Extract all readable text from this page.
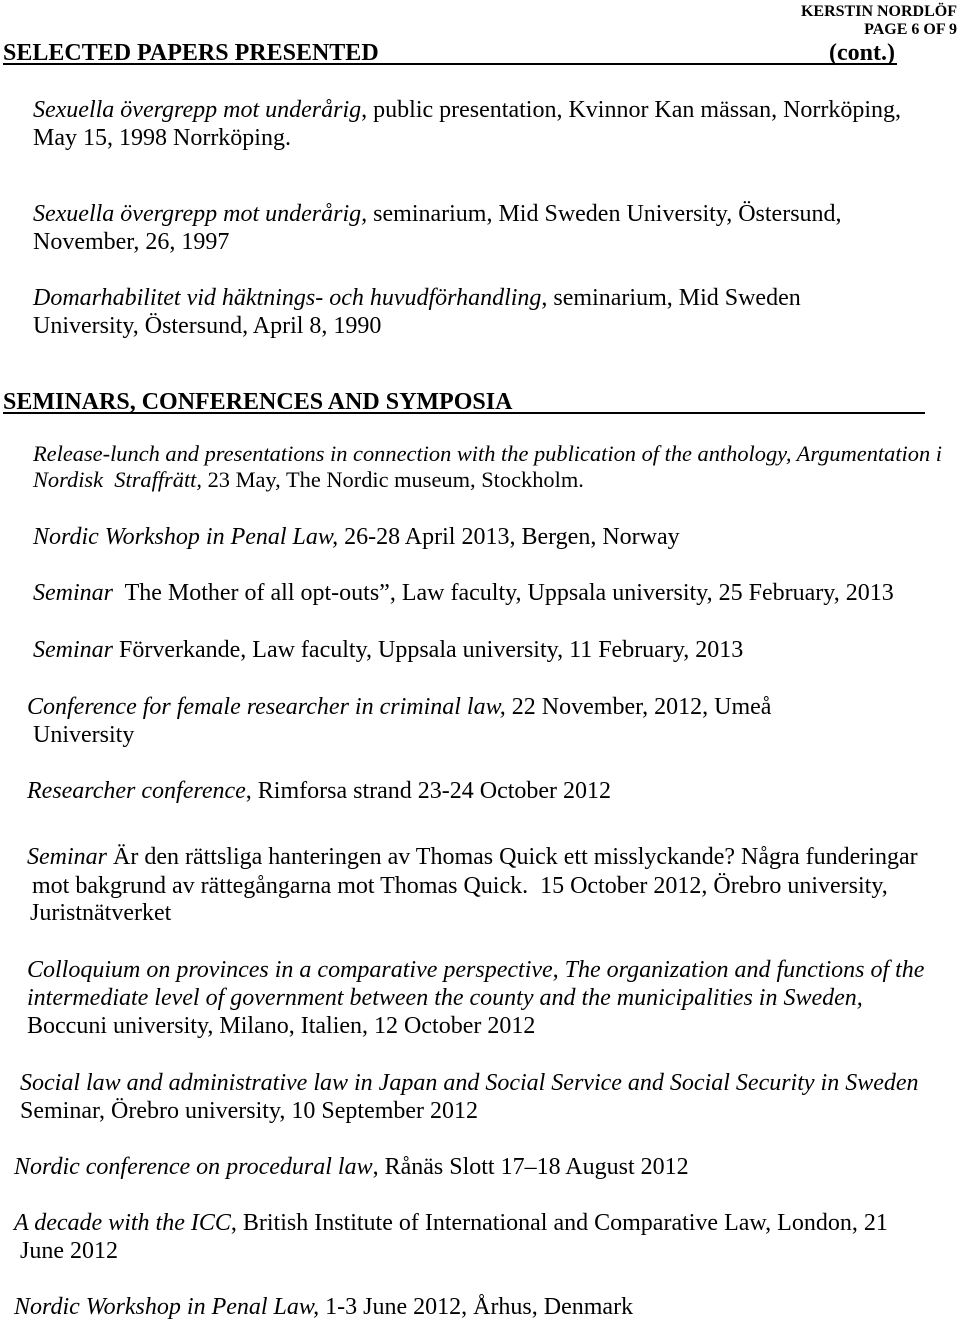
KERSTIN NORDLÖF
PAGE 6 OF 9
SELECTED PAPERS PRESENTED	(cont.)
Sexuella övergrepp mot underårig, public presentation, Kvinnor Kan mässan, Norrköping,
May 15, 1998 Norrköping.
Sexuella övergrepp mot underårig, seminarium, Mid Sweden University, Östersund,
November, 26, 1997
Domarhabilitet vid häktnings- och huvudförhandling, seminarium, Mid Sweden
University, Östersund, April 8, 1990
SEMINARS, CONFERENCES AND SYMPOSIA
Release-lunch and presentations in connection with the publication of the anthology, Argumentation i
Nordisk  Straffrätt, 23 May, The Nordic museum, Stockholm.
Nordic Workshop in Penal Law, 26-28 April 2013, Bergen, Norway
Seminar  The Mother of all opt-outs”, Law faculty, Uppsala university, 25 February, 2013
Seminar Förverkande, Law faculty, Uppsala university, 11 February, 2013
Conference for female researcher in criminal law, 22 November, 2012, Umeå
University
Researcher conference, Rimforsa strand 23-24 October 2012
Seminar Är den rättsliga hanteringen av Thomas Quick ett misslyckande? Några funderingar
mot bakgrund av rättegångarna mot Thomas Quick.  15 October 2012, Örebro university,
Juristnätverket
Colloquium on provinces in a comparative perspective, The organization and functions of the
intermediate level of government between the county and the municipalities in Sweden,
Boccuni university, Milano, Italien, 12 October 2012
Social law and administrative law in Japan and Social Service and Social Security in Sweden
Seminar, Örebro university, 10 September 2012
Nordic conference on procedural law, Rånäs Slott 17–18 August 2012
A decade with the ICC, British Institute of International and Comparative Law, London, 21
June 2012
Nordic Workshop in Penal Law, 1-3 June 2012, Århus, Denmark
